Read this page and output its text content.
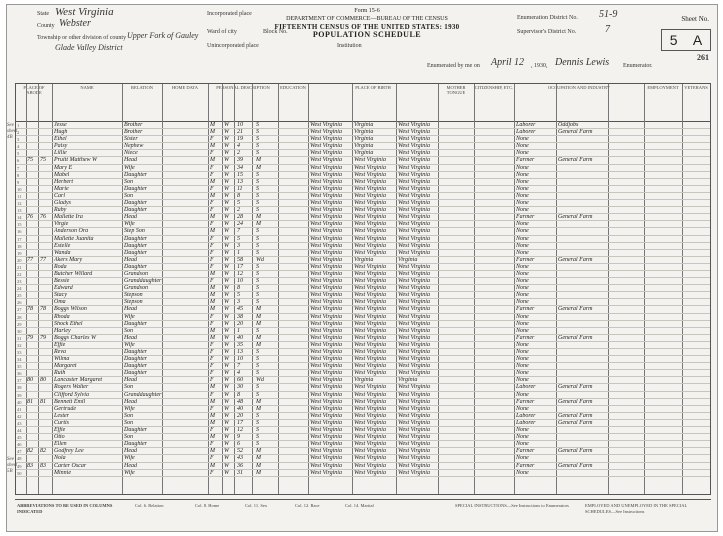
State West Virginia
County Webster
Township or other division of county Upper Fork of Gauley
Glade Valley District
Incorporated place
Ward of city	Block No.
Unincorporated place	Institution
Form 15-6
DEPARTMENT OF COMMERCE—BUREAU OF THE CENSUS
FIFTEENTH CENSUS OF THE UNITED STATES: 1930
POPULATION SCHEDULE
Enumeration District No. 51-9
Supervisor's District No.	7
Enumerated by me on April 12 , 1930, Dennis Lewis Enumerator.
Sheet No.
5 A
261
See sheet 4B
See sheet 5B
PLACE OF ABODE
NAME	RELATION	HOME DATA	PERSONAL DESCRIPTION	EDUCATION	PLACE OF BIRTH	MOTHER TONGUE
CITIZENSHIP, ETC.	OCCUPATION AND INDUSTRY	EMPLOYMENT	VETERANS
1	Jesse	Brother	M	W	10	S	West Virginia	Virginia	West Virginia	Laborer	Oddjobs
2	Hugh	Brother	M	W	21	S	West Virginia	Virginia	West Virginia	Laborer	General Farm
3	Ethel	Sister	F	W	19	S	West Virginia	Virginia	West Virginia	None
4	Paisy	Nephew	M	W	4	S	West Virginia	Virginia	West Virginia	None
5	Lillie	Niece	F	W	2	S	West Virginia	Virginia	West Virginia	None
6	75	75	Pruitt Matthew W	Head	M	W	39	M	West Virginia	West Virginia	West Virginia	Farmer	General Farm
7	Mary E	Wife	F	W	34	M	West Virginia	West Virginia	West Virginia	None
8	Mabel	Daughter	F	W	15	S	West Virginia	West Virginia	West Virginia	None
9	Herbert	Son	M	W	13	S	West Virginia	West Virginia	West Virginia	None
10	Marie	Daughter	F	W	11	S	West Virginia	West Virginia	West Virginia	None
11	Carl	Son	M	W	8	S	West Virginia	West Virginia	West Virginia	None
12	Gladys	Daughter	F	W	5	S	West Virginia	West Virginia	West Virginia	None
13	Ruby	Daughter	F	W	2	S	West Virginia	West Virginia	West Virginia	None
14 76	76	Mallette Ira	Head	M	W	28	M	West Virginia	West Virginia	West Virginia	Farmer	General Farm
15	Virgie	Wife	F	W	24	M	West Virginia	West Virginia	West Virginia	None
16	Anderson Ora	Step Son	M	W	7	S	West Virginia	West Virginia	West Virginia	None
17	Mallette Juanita	Daughter	F	W	5	S	West Virginia	West Virginia	West Virginia	None
18	Estelle	Daughter	F	W	3	S	West Virginia	West Virginia	West Virginia	None
19	Wanda	Daughter	F	W	1	S	West Virginia	West Virginia	West Virginia	None
20 77	77	Akers Mary	Head	F	W	58	Wd	West Virginia	Virginia	Virginia	Farmer	General Farm
21	Roda	Daughter	F	W	17	S	West Virginia	West Virginia	West Virginia	None
22	Butcher Willard	Grandson	M	W	12	S	West Virginia	West Virginia	West Virginia	None
23	Bessie	Granddaughter	F	W	10	S	West Virginia	West Virginia	West Virginia	None
24	Edward	Grandson	M	W	8	S	West Virginia	West Virginia	West Virginia	None
25	Stacy	Stepson	M	W	5	S	West Virginia	West Virginia	West Virginia	None
26	Oma	Stepson	M	W	3	S	West Virginia	West Virginia	West Virginia	None
27 78	78	Boggs Wilson	Head	M	W	45	M	West Virginia	West Virginia	West Virginia	Farmer	General Farm
28	Rhoda	Wife	F	W	38	M	West Virginia	West Virginia	West Virginia	None
29	Shock Ethel	Daughter	F	W	20	M	West Virginia	West Virginia	West Virginia	None
30	Harley	Son	M	W	1	S	West Virginia	West Virginia	West Virginia	None
31 79	79	Boggs Charles W	Head	M	W	40	M	West Virginia	West Virginia	West Virginia	Farmer	General Farm
32	Effie	Wife	F	W	35	M	West Virginia	West Virginia	West Virginia	None
33	Reva	Daughter	F	W	13	S	West Virginia	West Virginia	West Virginia	None
34	Wilma	Daughter	F	W	10	S	West Virginia	West Virginia	West Virginia	None
35	Margaret	Daughter	F	W	7	S	West Virginia	West Virginia	West Virginia	None
36	Ruth	Daughter	F	W	4	S	West Virginia	West Virginia	West Virginia	None
37 80	80	Lancaster Margaret	Head	F	W	60	Wd	West Virginia	Virginia	Virginia	None
38	Rogers Walter	Son	M	W	30	S	West Virginia	West Virginia	West Virginia	Laborer	General Farm
39	Clifford Sylvia	Granddaughter	F	W	8	S	West Virginia	West Virginia	West Virginia	None
40 81	81	Bennett Emil	Head	M	W	48	M	West Virginia	West Virginia	West Virginia	Farmer	General Farm
41	Gertrude	Wife	F	W	40	M	West Virginia	West Virginia	West Virginia	None
42	Lester	Son	M	W	20	S	West Virginia	West Virginia	West Virginia	Laborer	General Farm
43	Curtis	Son	M	W	17	S	West Virginia	West Virginia	West Virginia	Laborer	General Farm
44	Effie	Daughter	F	W	12	S	West Virginia	West Virginia	West Virginia	None
45	Otto	Son	M	W	9	S	West Virginia	West Virginia	West Virginia	None
46	Ellen	Daughter	F	W	6	S	West Virginia	West Virginia	West Virginia	None
47 82	82	Godfrey Lee	Head	M	W	52	M	West Virginia	West Virginia	West Virginia	Farmer	General Farm
48	Nola	Wife	F	W	43	M	West Virginia	West Virginia	West Virginia	None
49 83	83	Carter Oscar	Head	M	W	36	M	West Virginia	West Virginia	West Virginia	Farmer	General Farm
50	Minnie	Wife	F	W	31	M	West Virginia	West Virginia	West Virginia	None
ABBREVIATIONS TO BE USED IN COLUMNS INDICATED
Col. 6. Relation	Col. 8. Home	Col. 11. Sex	Col. 12. Race	Col. 14. Marital	SPECIAL INSTRUCTIONS—See Instructions to Enumerators	EMPLOYED AND UNEMPLOYED IN THE SPECIAL SCHEDULES—See Instructions
